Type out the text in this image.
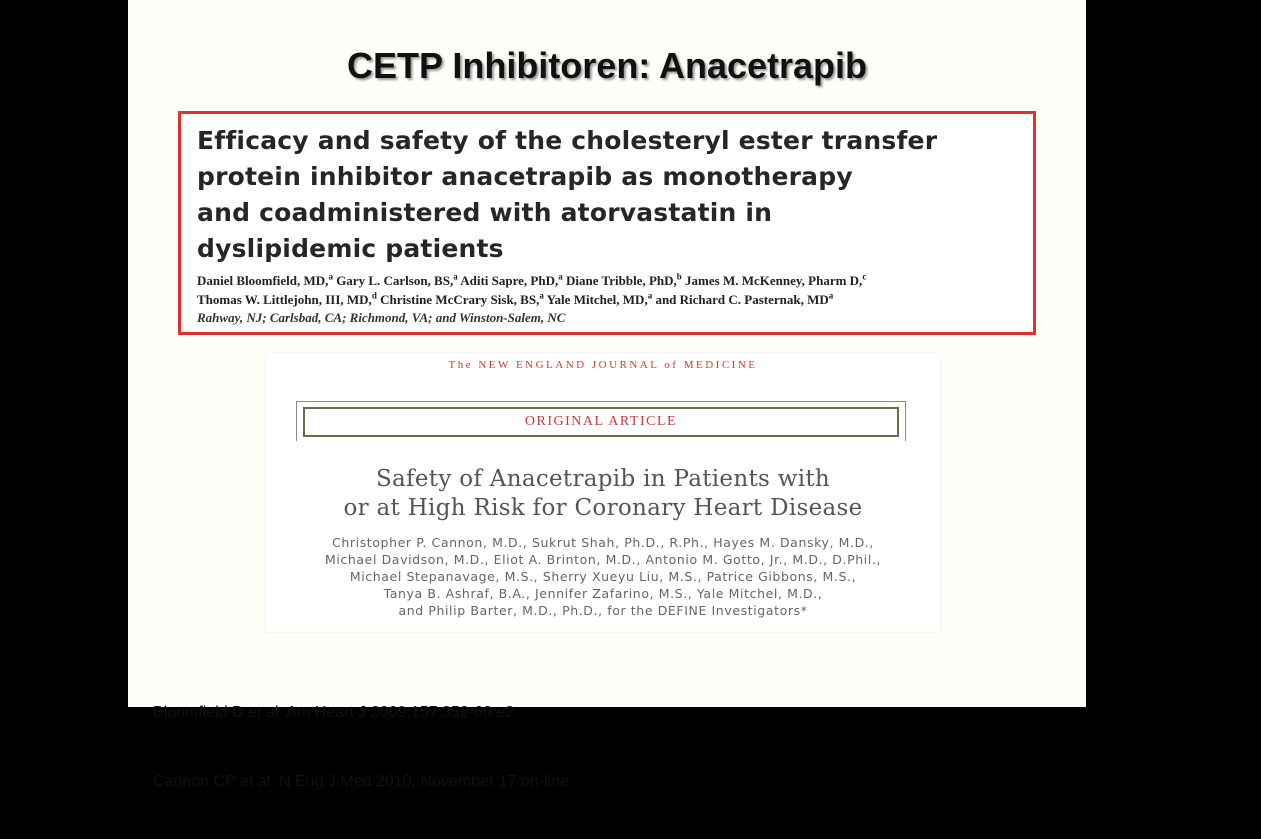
CETP Inhibitoren: Anacetrapib
Efficacy and safety of the cholesteryl ester transfer
protein inhibitor anacetrapib as monotherapy
and coadministered with atorvastatin in
dyslipidemic patients
Daniel Bloomfield, MD,$^a$ Gary L. Carlson, BS,$^a$ Aditi Sapre, PhD,$^a$ Diane Tribble, PhD,$^b$ James M. McKenney, Pharm D,$^c$
Thomas W. Littlejohn, III, MD,$^d$ Christine McCrary Sisk, BS,$^a$ Yale Mitchel, MD,$^a$ and Richard C. Pasternak, $MD^a$
Rahway, NJ; Carlsbad, CA; Richmond, VA; and Winston-Salem, NC
The NEW ENGLAND JOURNAL of MEDICINE
ORIGINAL ARTICLE
Safety of Anacetrapib in Patients with
or at High Risk for Coronary Heart Disease
Christopher P. Cannon, M.D., Sukrut Shah, Ph.D., R.Ph., Hayes M. Dansky, M.D.,
Michael Davidson, M.D., Eliot A. Brinton, M.D., Antonio M. Gotto, Jr., M.D., D.Phil.,
Michael Stepanavage, M.S., Sherry Xueyu Liu, M.S., Patrice Gibbons, M.S.,
Tanya B. Ashraf, B.A., Jennifer Zafarino, M.S., Yale Mitchel, M.D.,
and Philip Barter, M.D., Ph.D., for the DEFINE Investigators*

Bloomfield D et al  Am Heart J 2009;157:352-60.e2

Cannon CP et al  N Eng J Med 2010, November 17 on-line
